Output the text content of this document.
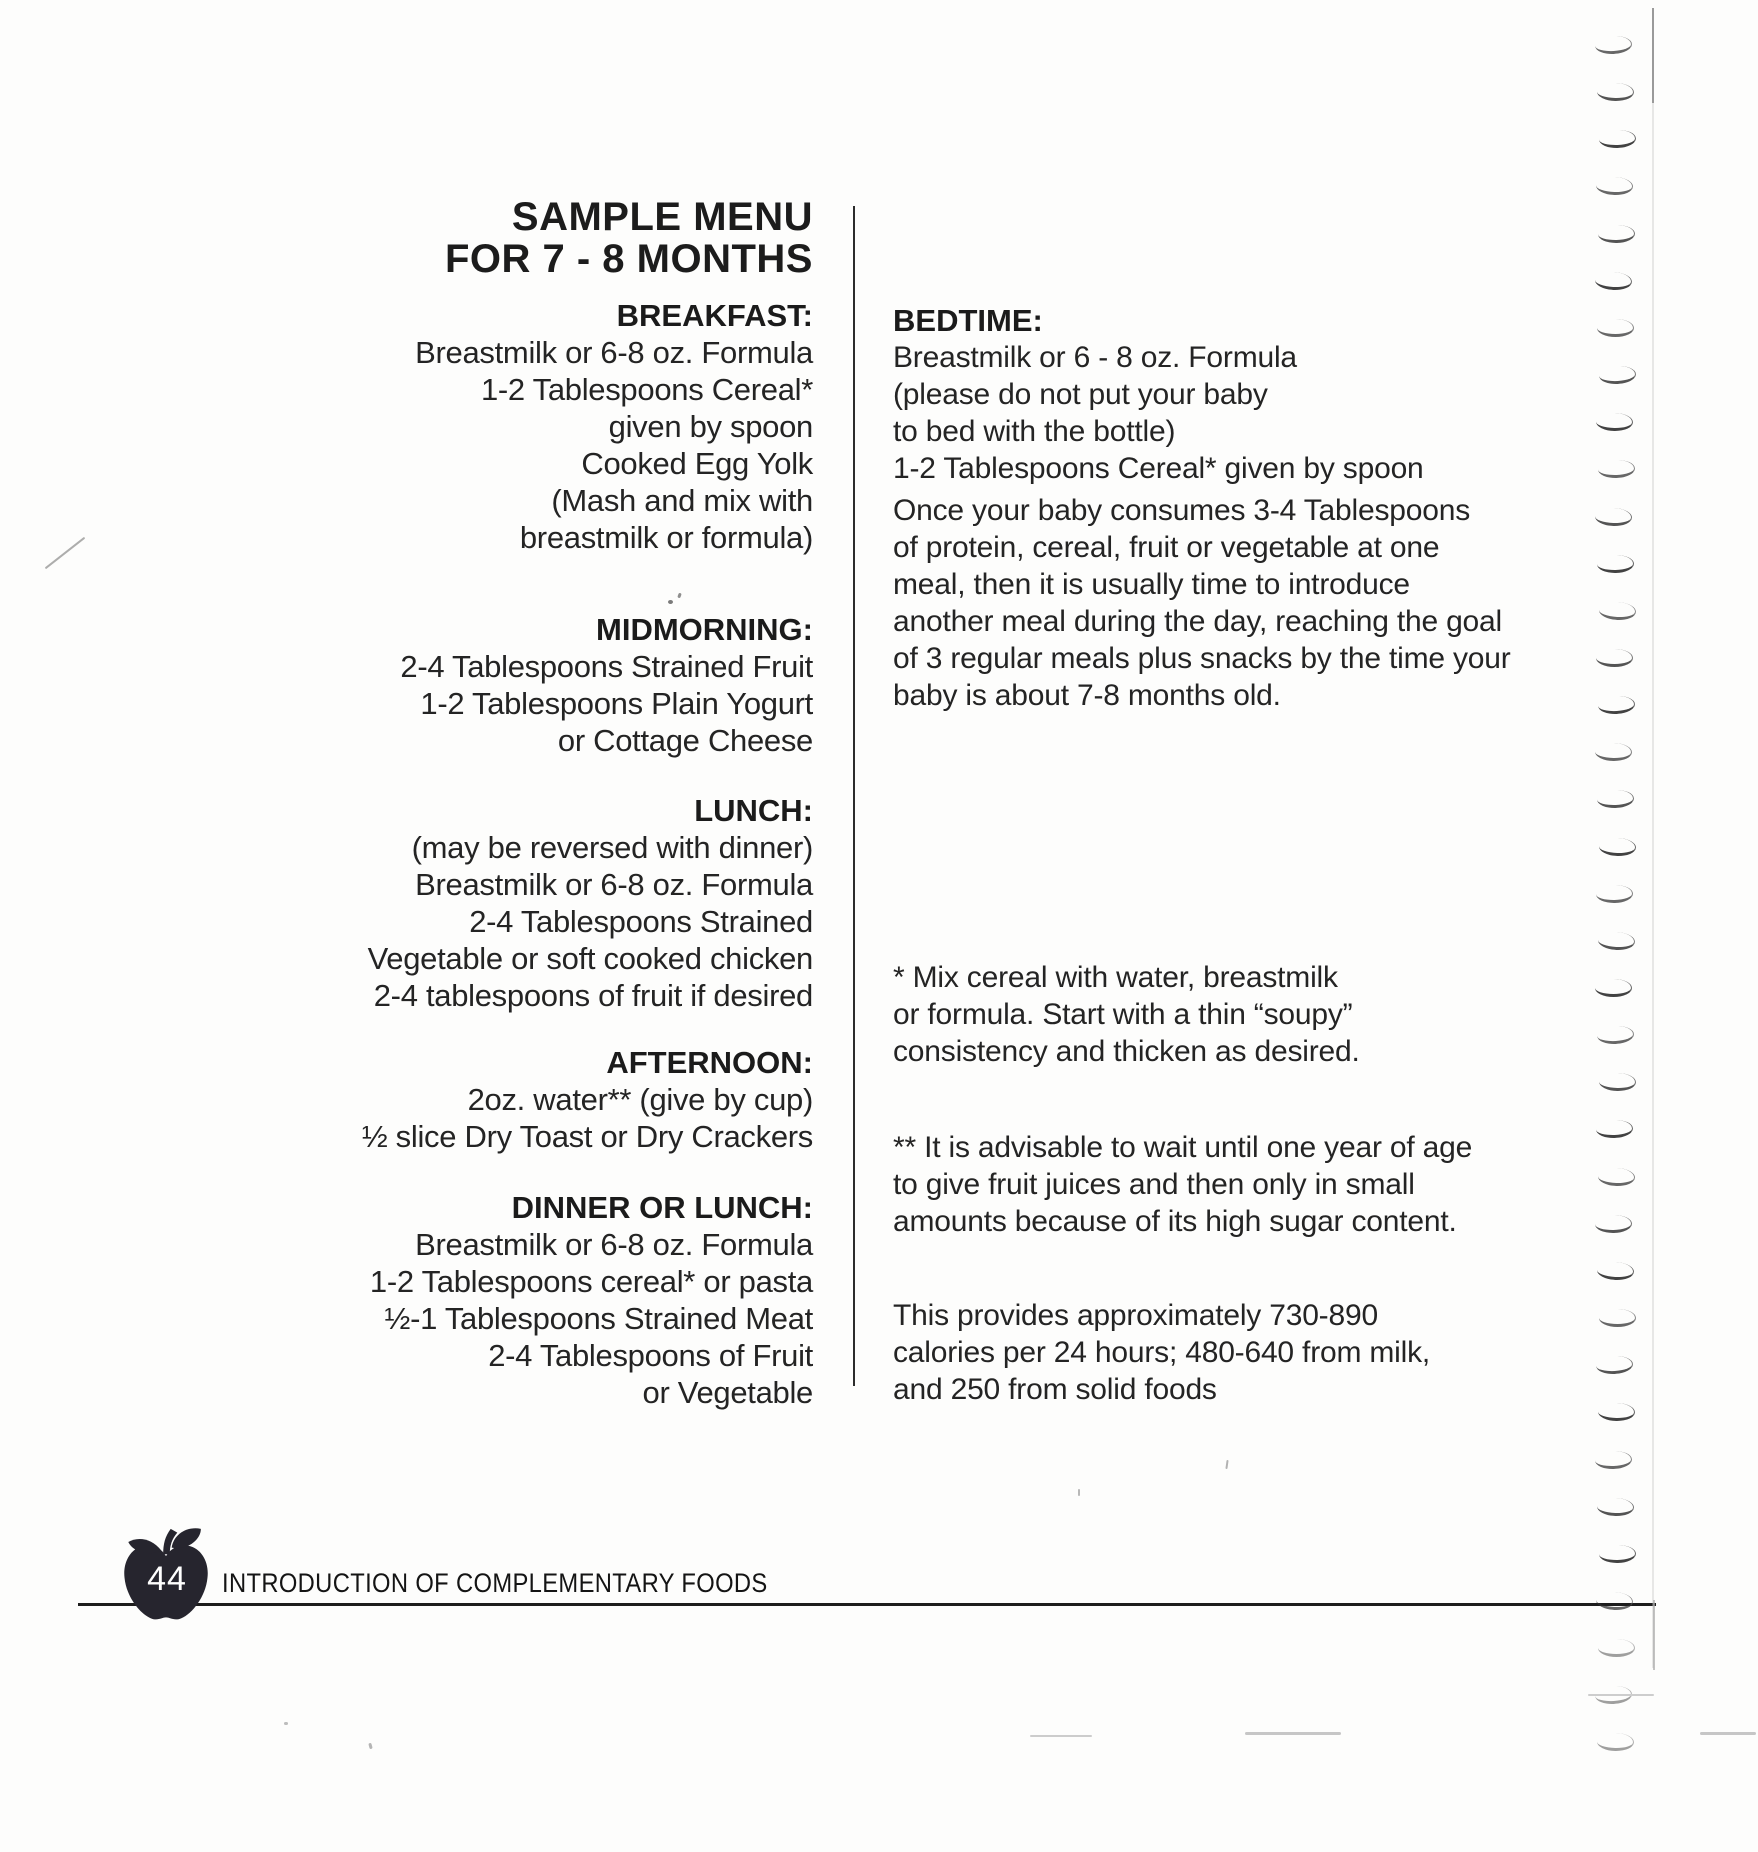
SAMPLE MENU
FOR 7 - 8 MONTHS
BREAKFAST:
Breastmilk or 6-8 oz. Formula
1-2 Tablespoons Cereal*
given by spoon
Cooked Egg Yolk
(Mash and mix with
breastmilk or formula)
MIDMORNING:
2-4 Tablespoons Strained Fruit
1-2 Tablespoons Plain Yogurt
or Cottage Cheese
LUNCH:
(may be reversed with dinner)
Breastmilk or 6-8 oz. Formula
2-4 Tablespoons Strained
Vegetable or soft cooked chicken
2-4 tablespoons of fruit if desired
AFTERNOON:
2oz. water** (give by cup)
½ slice Dry Toast or Dry Crackers
DINNER OR LUNCH:
Breastmilk or 6-8 oz. Formula
1-2 Tablespoons cereal* or pasta
½-1 Tablespoons Strained Meat
2-4 Tablespoons of Fruit
or Vegetable
BEDTIME:
Breastmilk or 6 - 8 oz. Formula
(please do not put your baby
to bed with the bottle)
1-2 Tablespoons Cereal* given by spoon
Once your baby consumes 3-4 Tablespoons
of protein, cereal, fruit or vegetable at one
meal, then it is usually time to introduce
another meal during the day, reaching the goal
of 3 regular meals plus snacks by the time your
baby is about 7-8 months old.
* Mix cereal with water, breastmilk
or formula. Start with a thin “soupy”
consistency and thicken as desired.
** It is advisable to wait until one year of age
to give fruit juices and then only in small
amounts because of its high sugar content.
This provides approximately 730-890
calories per 24 hours; 480-640 from milk,
and 250 from solid foods
44	INTRODUCTION OF COMPLEMENTARY FOODS
